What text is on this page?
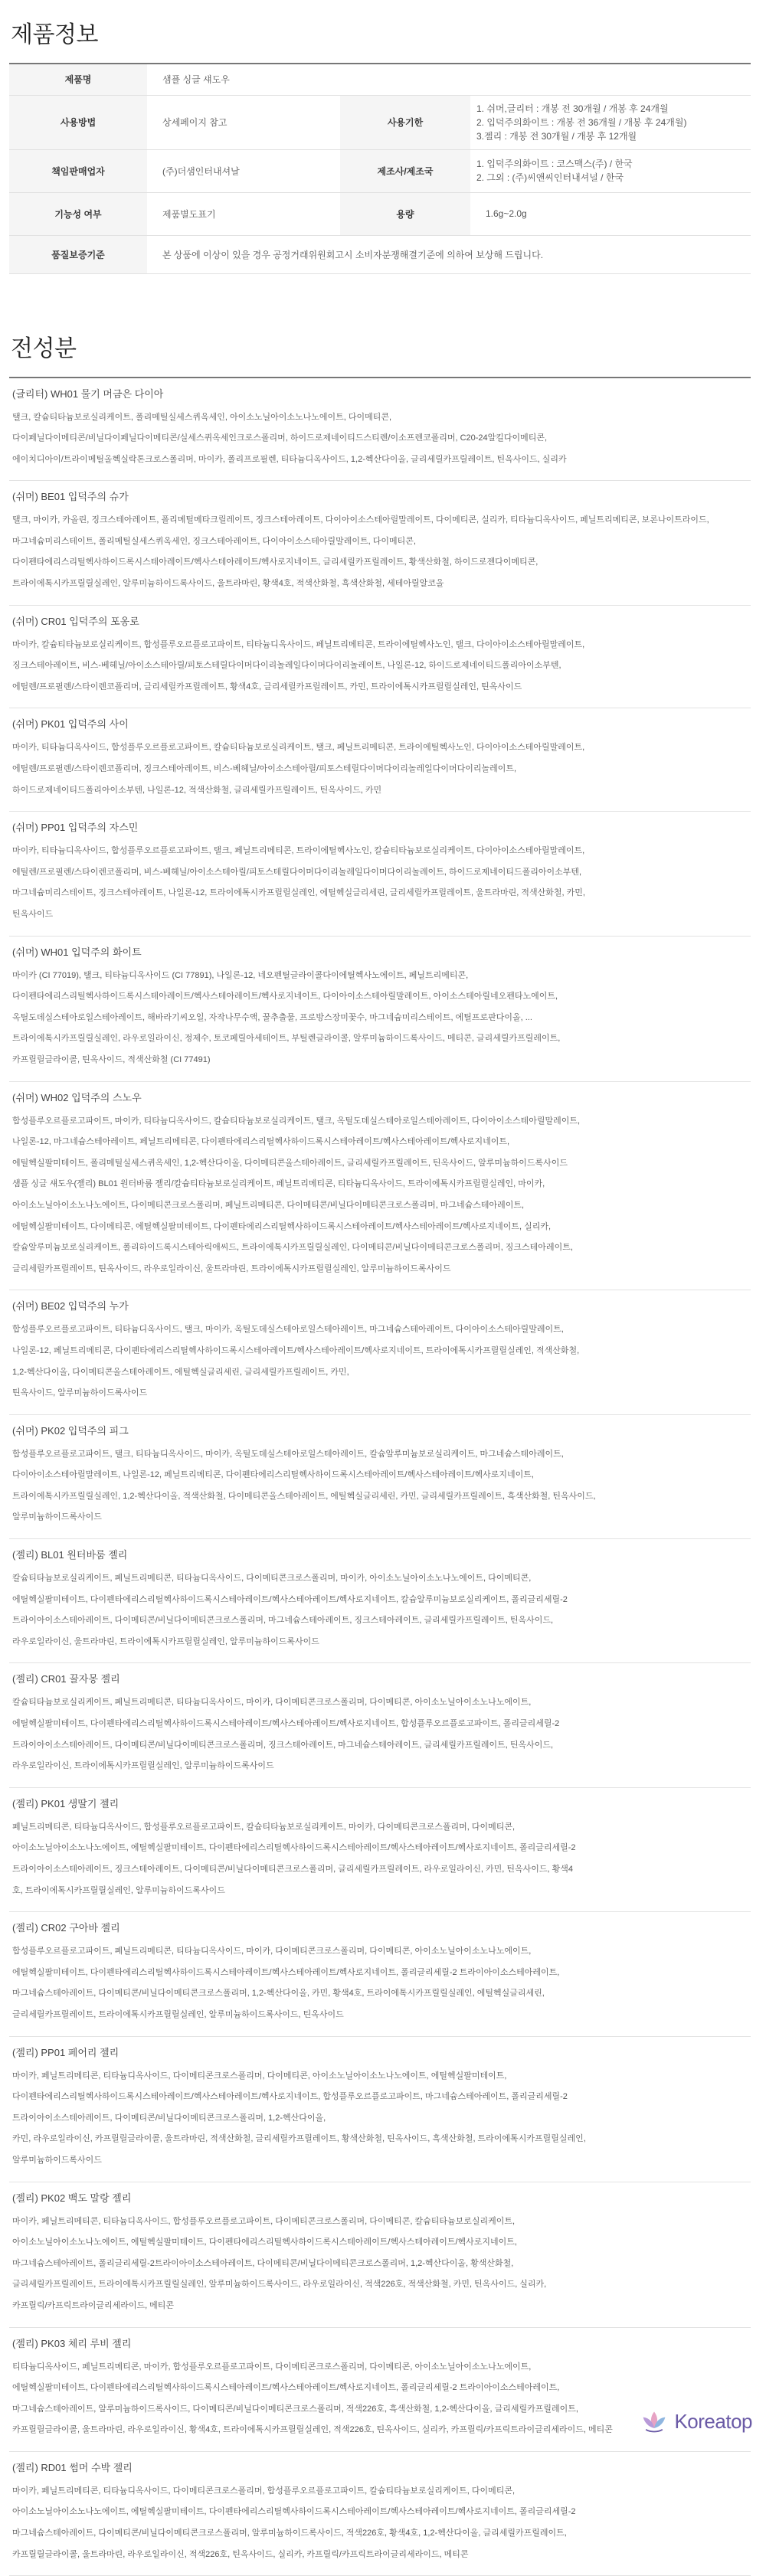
제품정보
제품명	샘플 싱글 섀도우		
사용방법	상세페이지 참고	사용기한	1. 쉬머,글리터 : 개봉 전 30개월 / 개봉 후 24개월
2. 입덕주의화이트 : 개봉 전 36개월 / 개봉 후 24개월)
3.젤리 : 개봉 전 30개월 / 개봉 후 12개월

책임판매업자	(주)더샘인터내셔날	제조사/제조국	1. 입덕주의화이트 : 코스맥스(주) / 한국
2. 그외 : (주)씨앤씨인터내셔널 / 한국

기능성 여부	제품별도표기	용량	1.6g~2.0g
품질보증기준	본 상품에 이상이 있을 경우 공정거래위원회고시 소비자분쟁해결기준에 의하여 보상해 드립니다.		
전성분
(글리터) WH01 물기 머금은 다이아
탤크, 칼슘티타늄보로실리케이트, 폴리메틸실세스퀴옥세인, 아이소노닐아이소노나노에이트, 다이메티콘,
다이페닐다이메티콘/비닐다이페닐다이메티콘/실세스퀴옥세인크로스폴리머, 하이드로제네이티드스티렌/이소프렌코폴리머, C20-24알킬다이메티콘,
에이치디아이/트라이메틸올헥실락톤크로스폴리머, 마이카, 폴리프로필렌, 티타늄디옥사이드, 1,2-헥산다이올, 글리세릴카프릴레이트, 틴옥사이드, 실리카
(쉬머) BE01 입덕주의 슈가
탤크, 마이카, 카올린, 징크스테아레이트, 폴리메틸메타크릴레이트, 징크스테아레이트, 다이아이소스테아릴말레이트, 다이메티콘, 실리카, 티타늄디옥사이드, 페닐트리메티콘, 보론나이트라이드,
마그네슘미리스테이트, 폴리메틸실세스퀴옥세인, 징크스테아레이트, 다이아이소스테아릴말레이트, 다이메티콘,
다이펜타에리스리틸헥사하이드록시스테아레이트/헥사스테아레이트/헥사로지네이트, 글리세릴카프릴레이트, 황색산화철, 하이드로젠다이메티콘,
트라이에톡시카프릴릴실레인, 알루미늄하이드록사이드, 울트라마린, 황색4호, 적색산화철, 흑색산화철, 세테아릴알코올
(쉬머) CR01 입덕주의 포옹로
마이카, 칼슘티타늄보로실리케이트, 합성플루오르플로고파이트, 티타늄디옥사이드, 페닐트리메티콘, 트라이에틸헥사노인, 탤크, 다이아이소스테아릴말레이트,
징크스테아레이트, 비스-베헤닐/아이소스테아릴/피토스테릴다이머다이리놀레일다이머다이리놀레이트, 나일론-12, 하이드로제네이티드폴리아이소부텐,
에틸렌/프로필렌/스타이렌코폴리머, 글리세릴카프릴레이트, 황색4호, 글리세릴카프릴레이트, 카민, 트라이에톡시카프릴릴실레인, 틴옥사이드
(쉬머) PK01 입덕주의 사이
마이카, 티타늄디옥사이드, 합성플루오르플로고파이트, 칼슘티타늄보로실리케이트, 탤크, 페닐트리메티콘, 트라이에틸헥사노인, 다이아이소스테아릴말레이트,
에틸렌/프로필렌/스타이렌코폴리머, 징크스테아레이트, 비스-베헤닐/아이소스테아릴/피토스테릴다이머다이리놀레일다이머다이리놀레이트,
하이드로제네이티드폴리아이소부텐, 나일론-12, 적색산화철, 글리세릴카프릴레이트, 틴옥사이드, 카민
(쉬머) PP01 입덕주의 자스민
마이카, 티타늄디옥사이드, 합성플루오르플로고파이트, 탤크, 페닐트리메티콘, 트라이에틸헥사노인, 칼슘티타늄보로실리케이트, 다이아이소스테아릴말레이트,
에틸렌/프로필렌/스타이렌코폴리머, 비스-베헤닐/아이소스테아릴/피토스테릴다이머다이리놀레일다이머다이리놀레이트, 하이드로제네이티드폴리아이소부텐,
마그네슘미리스테이트, 징크스테아레이트, 나일론-12, 트라이에톡시카프릴릴실레인, 에틸헥실글리세린, 글리세릴카프릴레이트, 울트라마린, 적색산화철, 카민,
틴옥사이드
(쉬머) WH01 입덕주의 화이트
마이카 (CI 77019), 탤크, 티타늄디옥사이드 (CI 77891), 나일론-12, 네오펜틸글라이콜다이에틸헥사노에이트, 페닐트리메티콘,
다이펜타에리스리틸헥사하이드록시스테아레이트/헥사스테아레이트/헥사로지네이트, 다이아이소스테아릴말레이트, 아이소스테아릴네오펜타노에이트,
옥틸도데실스테아로일스테아레이트, 해바라기씨오일, 자작나무수액, 꿀추출물, 프로방스장미꽃수, 마그네슘미리스테이트, 에틸프로판다이올, ...
트라이에톡시카프릴릴실레인, 라우로일라이신, 정제수, 토코페릴아세테이트, 부틸렌글라이콜, 알루미늄하이드록사이드, 메티콘, 글리세릴카프릴레이트,
카프릴릴글라이콜, 틴옥사이드, 적색산화철 (CI 77491)
(쉬머) WH02 입덕주의 스노우
합성플루오르플로고파이트, 마이카, 티타늄디옥사이드, 칼슘티타늄보로실리케이트, 탤크, 옥틸도데실스테아로일스테아레이트, 다이아이소스테아릴말레이트,
나일론-12, 마그네슘스테아레이트, 페닐트리메티콘, 다이펜타에리스리틸헥사하이드록시스테아레이트/헥사스테아레이트/헥사로지네이트,
에틸헥실팔미테이트, 폴리메틸실세스퀴옥세인, 1,2-헥산다이올, 다이메티콘올스테아레이트, 글리세릴카프릴레이트, 틴옥사이드, 알루미늄하이드록사이드
샘플 싱글 섀도우(젤리) BL01 원터바룸 젤리/칼슘티타늄보로실리케이트, 페닐트리메티콘, 티타늄디옥사이드, 트라이에톡시카프릴릴실레인, 마이카,
아이소노닐아이소노나노에이트, 다이메티콘크로스폴리머, 페닐트리메티콘, 다이메티콘/비닐다이메티콘크로스폴리머, 마그네슘스테아레이트,
에틸헥실팔미테이트, 다이메티콘, 에틸헥실팔미테이트, 다이펜타에리스리틸헥사하이드록시스테아레이트/헥사스테아레이트/헥사로지네이트, 실리카,
칼슘알루미늄보로실리케이트, 폴리하이드록시스테아릭애씨드, 트라이에톡시카프릴릴실레인, 다이메티콘/비닐다이메티콘크로스폴리머, 징크스테아레이트,
글리세릴카프릴레이트, 틴옥사이드, 라우로일라이신, 울트라마린, 트라이에톡시카프릴릴실레인, 알루미늄하이드록사이드
(쉬머) BE02 입덕주의 누가
합성플루오르플로고파이트, 티타늄디옥사이드, 탤크, 마이카, 옥틸도데실스테아로일스테아레이트, 마그네슘스테아레이트, 다이아이소스테아릴말레이트,
나일론-12, 페닐트리메티콘, 다이펜타에리스리틸헥사하이드록시스테아레이트/헥사스테아레이트/헥사로지네이트, 트라이에톡시카프릴릴실레인, 적색산화철,
1,2-헥산다이올, 다이메티콘올스테아레이트, 에틸헥실글리세린, 글리세릴카프릴레이트, 카민,
틴옥사이드, 알루미늄하이드록사이드
(쉬머) PK02 입덕주의 피그
합성플루오르플로고파이트, 탤크, 티타늄디옥사이드, 마이카, 옥틸도데실스테아로일스테아레이트, 칼슘알루미늄보로실리케이트, 마그네슘스테아레이트,
다이아이소스테아릴말레이트, 나일론-12, 페닐트리메티콘, 다이펜타에리스리틸헥사하이드록시스테아레이트/헥사스테아레이트/헥사로지네이트,
트라이에톡시카프릴릴실레인, 1,2-헥산다이올, 적색산화철, 다이메티콘올스테아레이트, 에틸헥실글리세린, 카민, 글리세릴카프릴레이트, 흑색산화철, 틴옥사이드,
알루미늄하이드록사이드
(젤리) BL01 원터바룸 젤리
칼슘티타늄보로실리케이트, 페닐트리메티콘, 티타늄디옥사이드, 다이메티콘크로스폴리머, 마이카, 아이소노닐아이소노나노에이트, 다이메티콘,
에틸헥실팔미테이트, 다이펜타에리스리틸헥사하이드록시스테아레이트/헥사스테아레이트/헥사로지네이트, 칼슘알루미늄보로실리케이트, 폴리글리세릴-2
트라이아이소스테아레이트, 다이메티콘/비닐다이메티콘크로스폴리머, 마그네슘스테아레이트, 징크스테아레이트, 글리세릴카프릴레이트, 틴옥사이드,
라우로일라이신, 울트라마린, 트라이에톡시카프릴릴실레인, 알루미늄하이드록사이드
(젤리) CR01 꿀자몽 젤리
칼슘티타늄보로실리케이트, 페닐트리메티콘, 티타늄디옥사이드, 마이카, 다이메티콘크로스폴리머, 다이메티콘, 아이소노닐아이소노나노에이트,
에틸헥실팔미테이트, 다이펜타에리스리틸헥사하이드록시스테아레이트/헥사스테아레이트/헥사로지네이트, 합성플루오르플로고파이트, 폴리글리세릴-2
트라이아이소스테아레이트, 다이메티콘/비닐다이메티콘크로스폴리머, 징크스테아레이트, 마그네슘스테아레이트, 글리세릴카프릴레이트, 틴옥사이드,
라우로일라이신, 트라이에톡시카프릴릴실레인, 알루미늄하이드록사이드
(젤리) PK01 생딸기 젤리
페닐트리메티콘, 티타늄디옥사이드, 합성플루오르플로고파이트, 칼슘티타늄보로실리케이트, 마이카, 다이메티콘크로스폴리머, 다이메티콘,
아이소노닐아이소노나노에이트, 에틸헥실팔미테이트, 다이펜타에리스리틸헥사하이드록시스테아레이트/헥사스테아레이트/헥사로지네이트, 폴리글리세릴-2
트라이아이소스테아레이트, 징크스테아레이트, 다이메티콘/비닐다이메티콘크로스폴리머, 글리세릴카프릴레이트, 라우로일라이신, 카민, 틴옥사이드, 황색4
호, 트라이에톡시카프릴릴실레인, 알루미늄하이드록사이드
(젤리) CR02 구아바 젤리
합성플루오르플로고파이트, 페닐트리메티콘, 티타늄디옥사이드, 마이카, 다이메티콘크로스폴리머, 다이메티콘, 아이소노닐아이소노나노에이트,
에틸헥실팔미테이트, 다이펜타에리스리틸헥사하이드록시스테아레이트/헥사스테아레이트/헥사로지네이트, 폴리글리세릴-2 트라이아이소스테아레이트,
마그네슘스테아레이트, 다이메티콘/비닐다이메티콘크로스폴리머, 1,2-헥산다이올, 카민, 황색4호, 트라이에톡시카프릴릴실레인, 에틸헥실글리세린,
글리세릴카프릴레이트, 트라이에톡시카프릴릴실레인, 알루미늄하이드록사이드, 틴옥사이드
(젤리) PP01 페어리 젤리
마이카, 페닐트리메티콘, 티타늄디옥사이드, 다이메티콘크로스폴리머, 다이메티콘, 아이소노닐아이소노나노에이트, 에틸헥실팔미테이트,
다이펜타에리스리틸헥사하이드록시스테아레이트/헥사스테아레이트/헥사로지네이트, 합성플루오르플로고파이트, 마그네슘스테아레이트, 폴리글리세릴-2
트라이아이소스테아레이트, 다이메티콘/비닐다이메티콘크로스폴리머, 1,2-헥산다이올,
카민, 라우로일라이신, 카프릴릴글라이콜, 울트라마린, 적색산화철, 글리세릴카프릴레이트, 황색산화철, 틴옥사이드, 흑색산화철, 트라이에톡시카프릴릴실레인,
알루미늄하이드록사이드
(젤리) PK02 백도 말랑 젤리
마이카, 페닐트리메티콘, 티타늄디옥사이드, 합성플루오르플로고파이트, 다이메티콘크로스폴리머, 다이메티콘, 칼슘티타늄보로실리케이트,
아이소노닐아이소노나노에이트, 에틸헥실팔미테이트, 다이펜타에리스리틸헥사하이드록시스테아레이트/헥사스테아레이트/헥사로지네이트,
마그네슘스테아레이트, 폴리글리세릴-2트라이아이소스테아레이트, 다이메티콘/비닐다이메티콘크로스폴리머, 1,2-헥산다이올, 황색산화철,
글리세릴카프릴레이트, 트라이에톡시카프릴릴실레인, 알루미늄하이드록사이드, 라우로일라이신, 적색226호, 적색산화철, 카민, 틴옥사이드, 실리카,
카프릴릭/카프릭트라이글리세라이드, 메티콘
(젤리) PK03 체리 루비 젤리
티타늄디옥사이드, 페닐트리메티콘, 마이카, 합성플루오르플로고파이트, 다이메티콘크로스폴리머, 다이메티콘, 아이소노닐아이소노나노에이트,
에틸헥실팔미테이트, 다이펜타에리스리틸헥사하이드록시스테아레이트/헥사스테아레이트/헥사로지네이트, 폴리글리세릴-2 트라이아이소스테아레이트,
마그네슘스테아레이트, 알루미늄하이드록사이드, 다이메티콘/비닐다이메티콘크로스폴리머, 적색226호, 흑색산화철, 1,2-헥산다이올, 글리세릴카프릴레이트,
카프릴릴글라이콜, 울트라마린, 라우로일라이신, 황색4호, 트라이에톡시카프릴릴실레인, 적색226호, 틴옥사이드, 실리카, 카프릴릭/카프릭트라이글리세라이드, 메티콘
(젤리) RD01 썸머 수박 젤리
마이카, 페닐트리메티콘, 티타늄디옥사이드, 다이메티콘크로스폴리머, 합성플루오르플로고파이트, 칼슘티타늄보로실리케이트, 다이메티콘,
아이소노닐아이소노나노에이트, 에틸헥실팔미테이트, 다이펜타에리스리틸헥사하이드록시스테아레이트/헥사스테아레이트/헥사로지네이트, 폴리글리세릴-2
마그네슘스테아레이트, 다이메티콘/비닐다이메티콘크로스폴리머, 알루미늄하이드록사이드, 적색226호, 황색4호, 1,2-헥산다이올, 글리세릴카프릴레이트,
카프릴릴글라이콜, 울트라마린, 라우로일라이신, 적색226호, 틴옥사이드, 실리카, 카프릴릭/카프릭트라이글리세라이드, 메티콘
Koreatop
